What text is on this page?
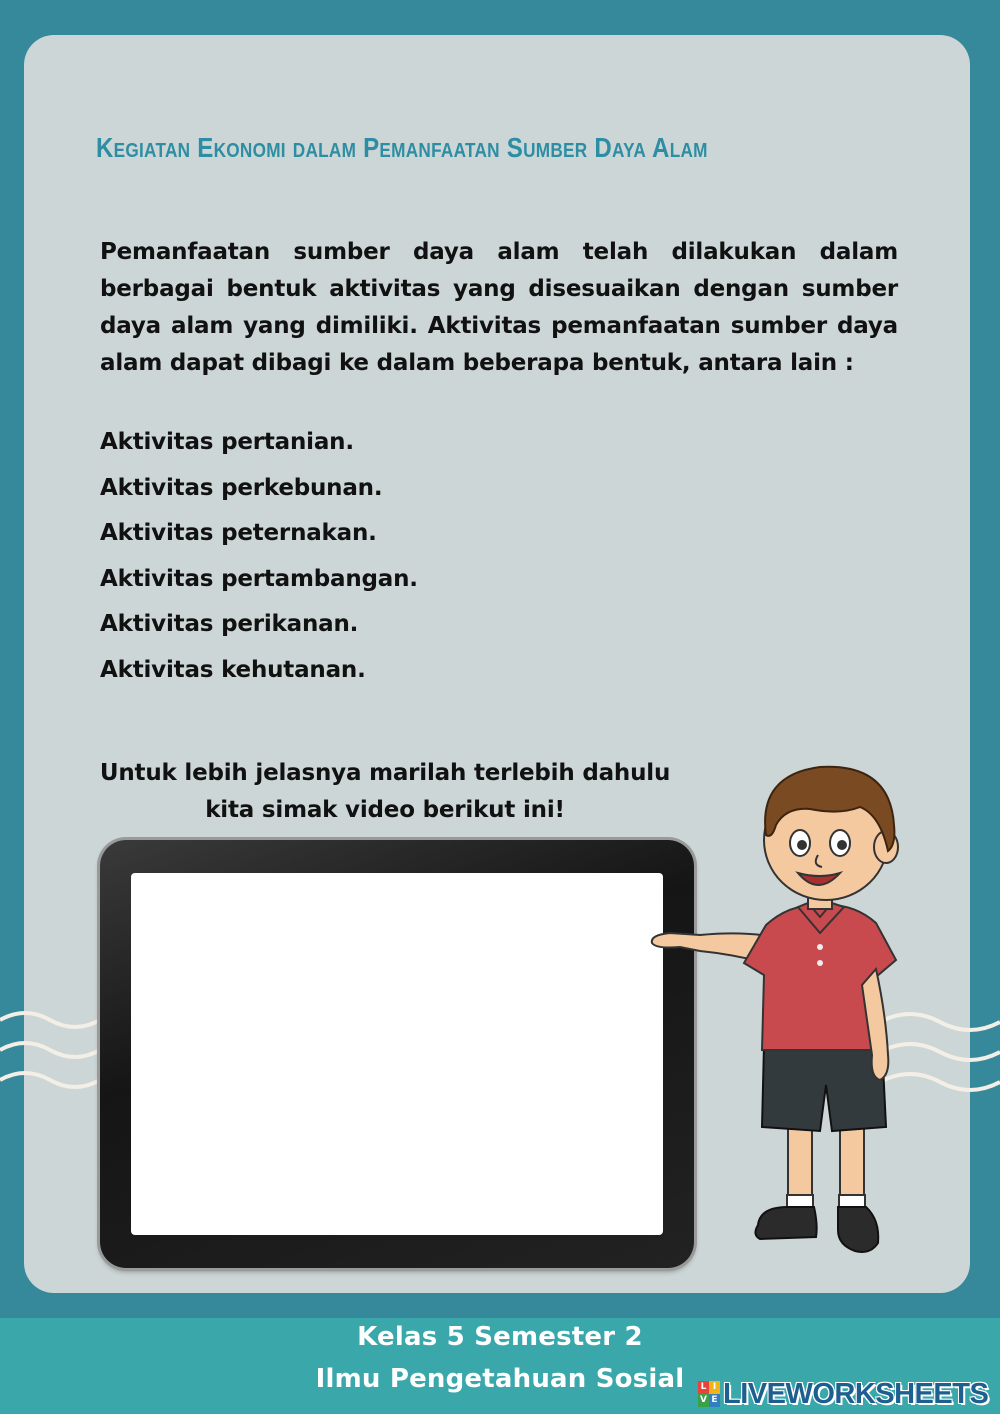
Kegiatan Ekonomi dalam Pemanfaatan Sumber Daya Alam

Pemanfaatan sumber daya alam telah dilakukan dalam berbagai bentuk aktivitas yang disesuaikan dengan sumber daya alam yang dimiliki. Aktivitas pemanfaatan sumber daya alam dapat dibagi ke dalam beberapa bentuk, antara lain :

Aktivitas pertanian.
Aktivitas perkebunan.
Aktivitas peternakan.
Aktivitas pertambangan.
Aktivitas perikanan.
Aktivitas kehutanan.
Untuk lebih jelasnya marilah terlebih dahulu
kita simak video berikut ini!
Kelas 5 Semester 2
Ilmu Pengetahuan Sosial	L I
V E LIVEWORKSHEETS
